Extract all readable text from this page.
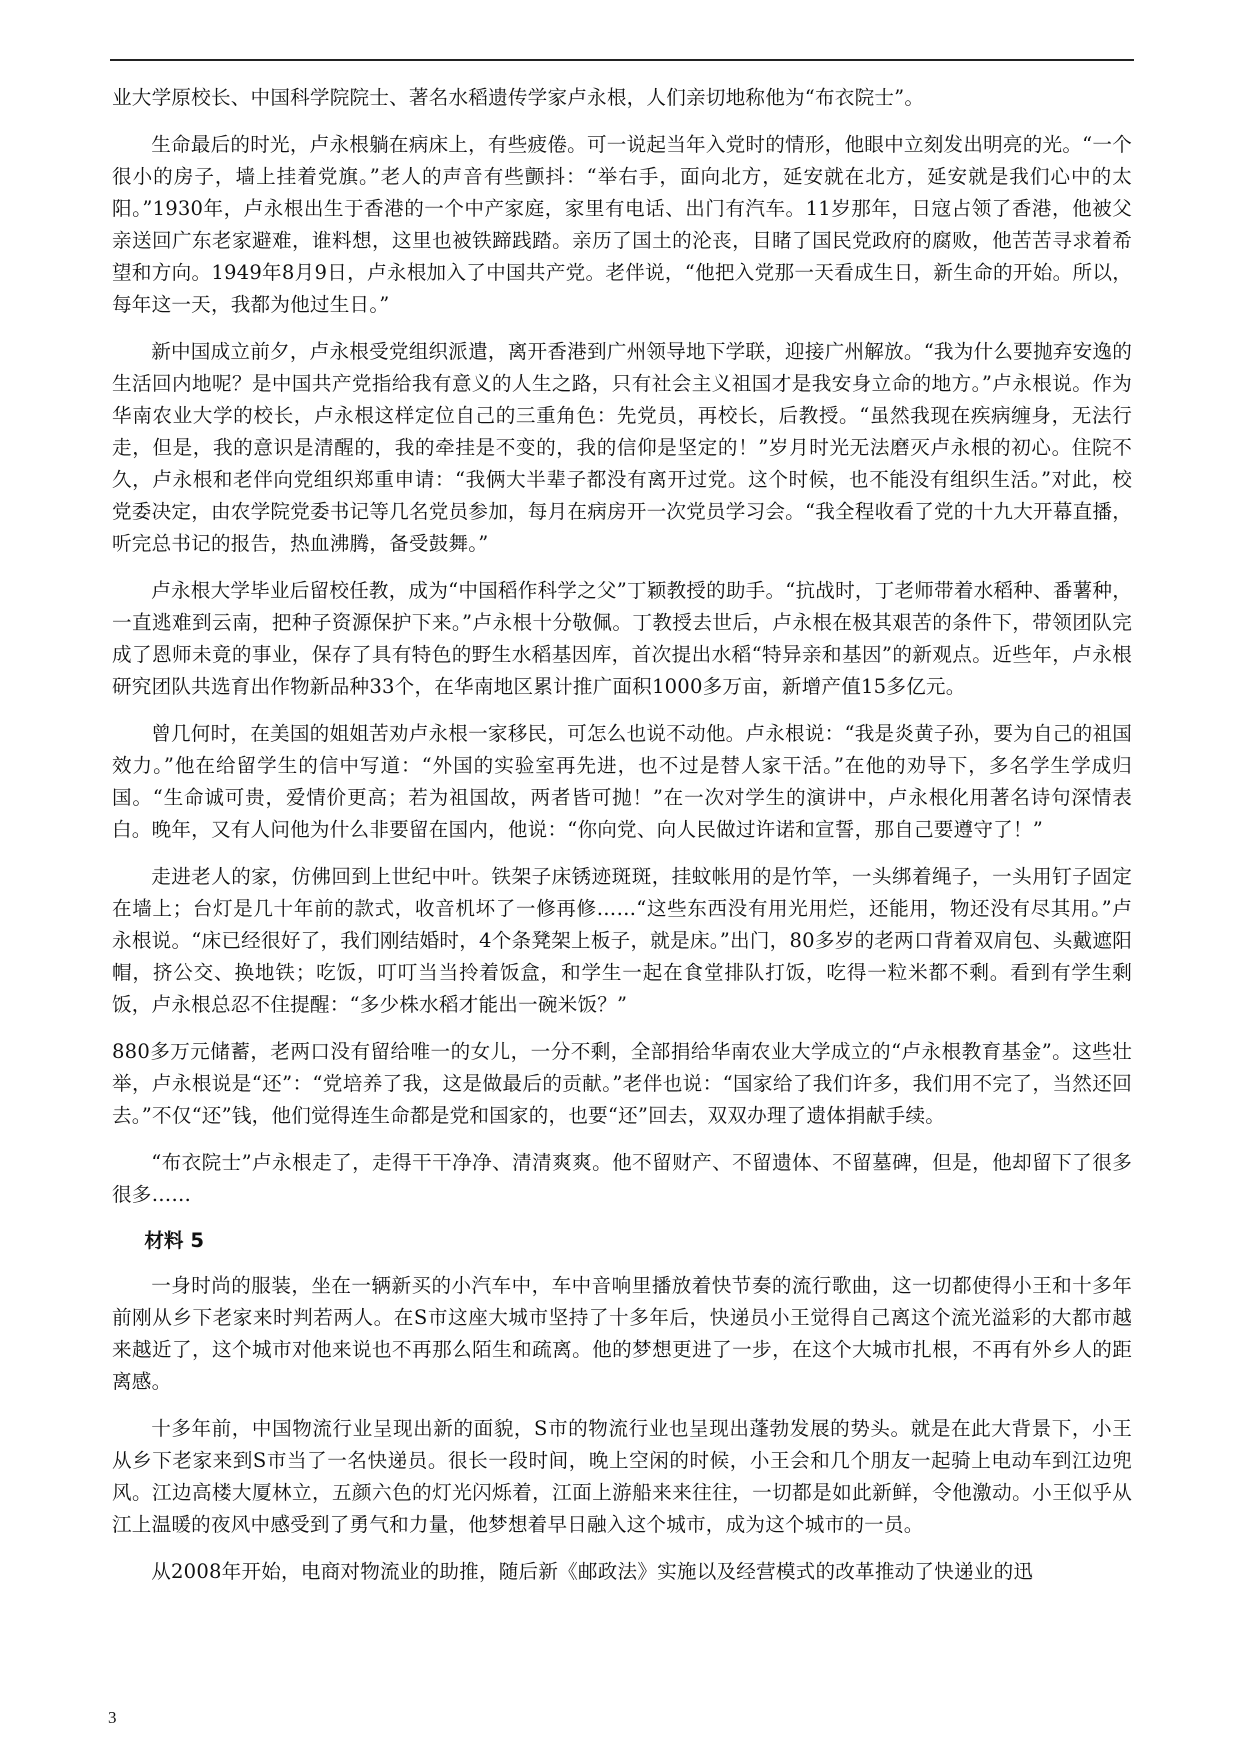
业大学原校长、中国科学院院士、著名水稻遗传学家卢永根，人们亲切地称他为“布衣院士”。

生命最后的时光，卢永根躺在病床上，有些疲倦。可一说起当年入党时的情形，他眼中立刻发出明亮的光。“一个很小的房子，墙上挂着党旗。”老人的声音有些颤抖：“举右手，面向北方，延安就在北方，延安就是我们心中的太阳。”1930年，卢永根出生于香港的一个中产家庭，家里有电话、出门有汽车。11岁那年，日寇占领了香港，他被父亲送回广东老家避难，谁料想，这里也被铁蹄践踏。亲历了国土的沦丧，目睹了国民党政府的腐败，他苦苦寻求着希望和方向。1949年8月9日，卢永根加入了中国共产党。老伴说，“他把入党那一天看成生日，新生命的开始。所以，每年这一天，我都为他过生日。”

新中国成立前夕，卢永根受党组织派遣，离开香港到广州领导地下学联，迎接广州解放。“我为什么要抛弃安逸的生活回内地呢？是中国共产党指给我有意义的人生之路，只有社会主义祖国才是我安身立命的地方。”卢永根说。作为华南农业大学的校长，卢永根这样定位自己的三重角色：先党员，再校长，后教授。“虽然我现在疾病缠身，无法行走，但是，我的意识是清醒的，我的牵挂是不变的，我的信仰是坚定的！”岁月时光无法磨灭卢永根的初心。住院不久，卢永根和老伴向党组织郑重申请：“我俩大半辈子都没有离开过党。这个时候，也不能没有组织生活。”对此，校党委决定，由农学院党委书记等几名党员参加，每月在病房开一次党员学习会。“我全程收看了党的十九大开幕直播，听完总书记的报告，热血沸腾，备受鼓舞。”

卢永根大学毕业后留校任教，成为“中国稻作科学之父”丁颖教授的助手。“抗战时，丁老师带着水稻种、番薯种，一直逃难到云南，把种子资源保护下来。”卢永根十分敬佩。丁教授去世后，卢永根在极其艰苦的条件下，带领团队完成了恩师未竟的事业，保存了具有特色的野生水稻基因库，首次提出水稻“特异亲和基因”的新观点。近些年，卢永根研究团队共选育出作物新品种33个，在华南地区累计推广面积1000多万亩，新增产值15多亿元。

曾几何时，在美国的姐姐苦劝卢永根一家移民，可怎么也说不动他。卢永根说：“我是炎黄子孙，要为自己的祖国效力。”他在给留学生的信中写道：“外国的实验室再先进，也不过是替人家干活。”在他的劝导下，多名学生学成归国。“生命诚可贵，爱情价更高；若为祖国故，两者皆可抛！”在一次对学生的演讲中，卢永根化用著名诗句深情表白。晚年，又有人问他为什么非要留在国内，他说：“你向党、向人民做过许诺和宣誓，那自己要遵守了！”

走进老人的家，仿佛回到上世纪中叶。铁架子床锈迹斑斑，挂蚊帐用的是竹竿，一头绑着绳子，一头用钉子固定在墙上；台灯是几十年前的款式，收音机坏了一修再修……“这些东西没有用光用烂，还能用，物还没有尽其用。”卢永根说。“床已经很好了，我们刚结婚时，4个条凳架上板子，就是床。”出门，80多岁的老两口背着双肩包、头戴遮阳帽，挤公交、换地铁；吃饭，叮叮当当拎着饭盒，和学生一起在食堂排队打饭，吃得一粒米都不剩。看到有学生剩饭，卢永根总忍不住提醒：“多少株水稻才能出一碗米饭？”

880多万元储蓄，老两口没有留给唯一的女儿，一分不剩，全部捐给华南农业大学成立的“卢永根教育基金”。这些壮举，卢永根说是“还”：“党培养了我，这是做最后的贡献。”老伴也说：“国家给了我们许多，我们用不完了，当然还回去。”不仅“还”钱，他们觉得连生命都是党和国家的，也要“还”回去，双双办理了遗体捐献手续。

“布衣院士”卢永根走了，走得干干净净、清清爽爽。他不留财产、不留遗体、不留墓碑，但是，他却留下了很多很多……

材料 5

一身时尚的服装，坐在一辆新买的小汽车中，车中音响里播放着快节奏的流行歌曲，这一切都使得小王和十多年前刚从乡下老家来时判若两人。在S市这座大城市坚持了十多年后，快递员小王觉得自己离这个流光溢彩的大都市越来越近了，这个城市对他来说也不再那么陌生和疏离。他的梦想更进了一步，在这个大城市扎根，不再有外乡人的距离感。

十多年前，中国物流行业呈现出新的面貌，S市的物流行业也呈现出蓬勃发展的势头。就是在此大背景下，小王从乡下老家来到S市当了一名快递员。很长一段时间，晚上空闲的时候，小王会和几个朋友一起骑上电动车到江边兜风。江边高楼大厦林立，五颜六色的灯光闪烁着，江面上游船来来往往，一切都是如此新鲜，令他激动。小王似乎从江上温暖的夜风中感受到了勇气和力量，他梦想着早日融入这个城市，成为这个城市的一员。

从2008年开始，电商对物流业的助推，随后新《邮政法》实施以及经营模式的改革推动了快递业的迅

3
